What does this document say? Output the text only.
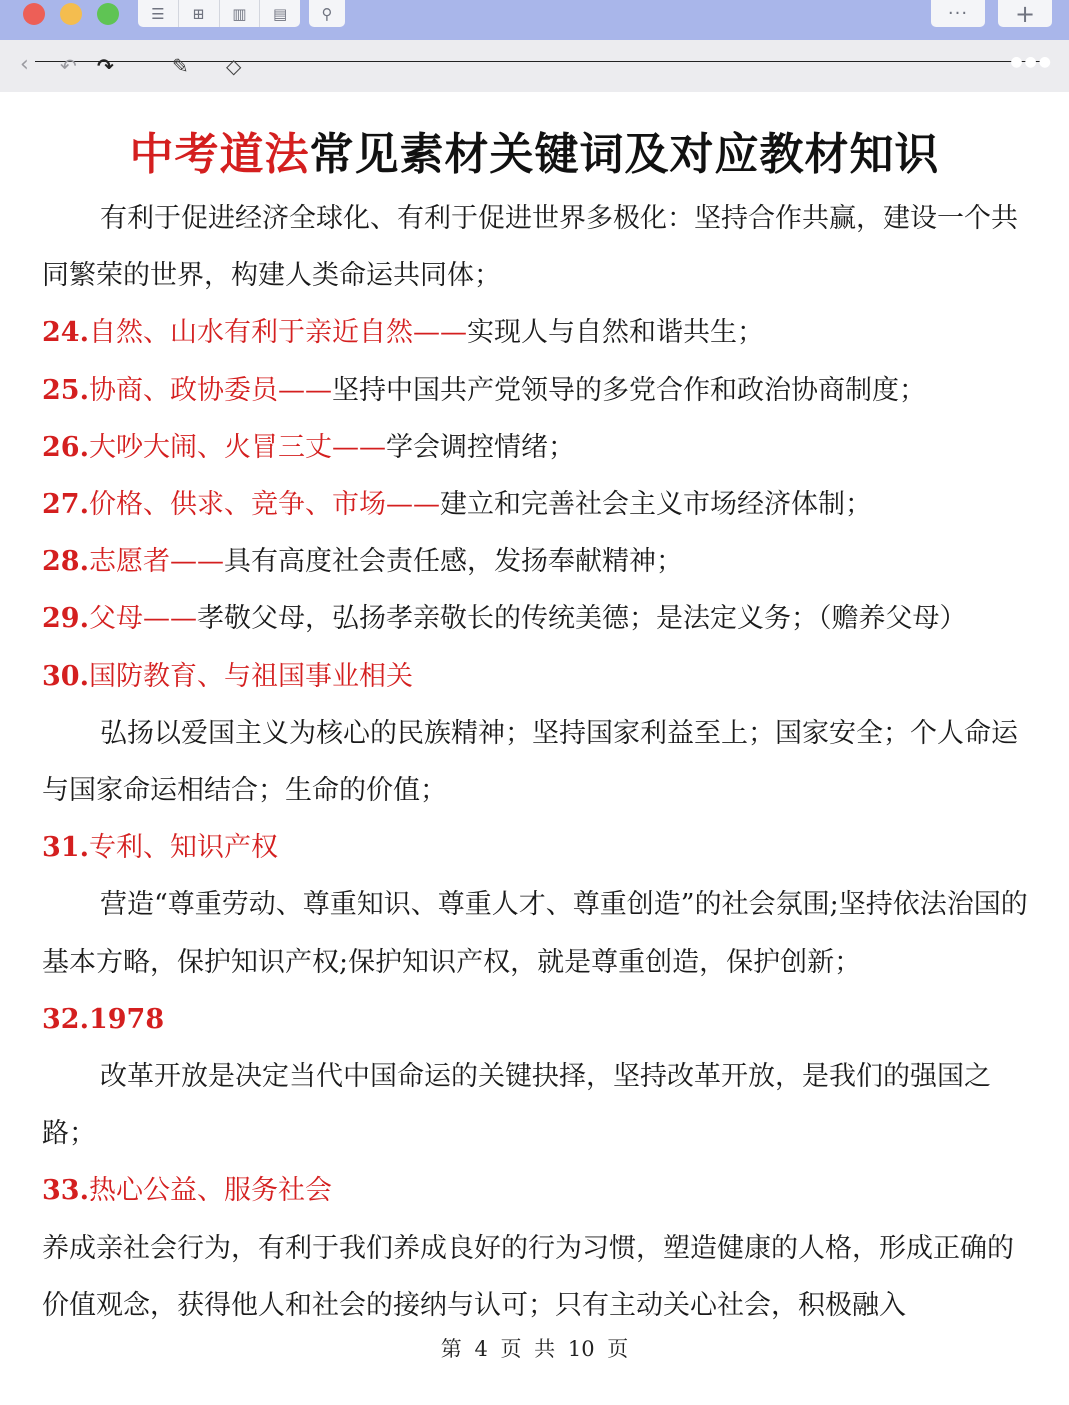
☰	⊞	▥	▤	⚲	···	+
‹ ↶ ↷	✎ ◇	●●●
中考道法常见素材关键词及对应教材知识

有利于促进经济全球化、有利于促进世界多极化：坚持合作共赢，建设一个共同繁荣的世界，构建人类命运共同体；

24.自然、山水有利于亲近自然——实现人与自然和谐共生；

25.协商、政协委员——坚持中国共产党领导的多党合作和政治协商制度；

26.大吵大闹、火冒三丈——学会调控情绪；

27.价格、供求、竞争、市场——建立和完善社会主义市场经济体制；

28.志愿者——具有高度社会责任感，发扬奉献精神；

29.父母——孝敬父母，弘扬孝亲敬长的传统美德；是法定义务；（赡养父母）

30.国防教育、与祖国事业相关

弘扬以爱国主义为核心的民族精神；坚持国家利益至上；国家安全；个人命运与国家命运相结合；生命的价值；

31.专利、知识产权

营造“尊重劳动、尊重知识、尊重人才、尊重创造”的社会氛围;坚持依法治国的基本方略，保护知识产权;保护知识产权，就是尊重创造，保护创新；

32.1978

改革开放是决定当代中国命运的关键抉择，坚持改革开放，是我们的强国之路；

33.热心公益、服务社会

养成亲社会行为，有利于我们养成良好的行为习惯，塑造健康的人格，形成正确的价值观念，获得他人和社会的接纳与认可；只有主动关心社会，积极融入

第 4 页 共 10 页
